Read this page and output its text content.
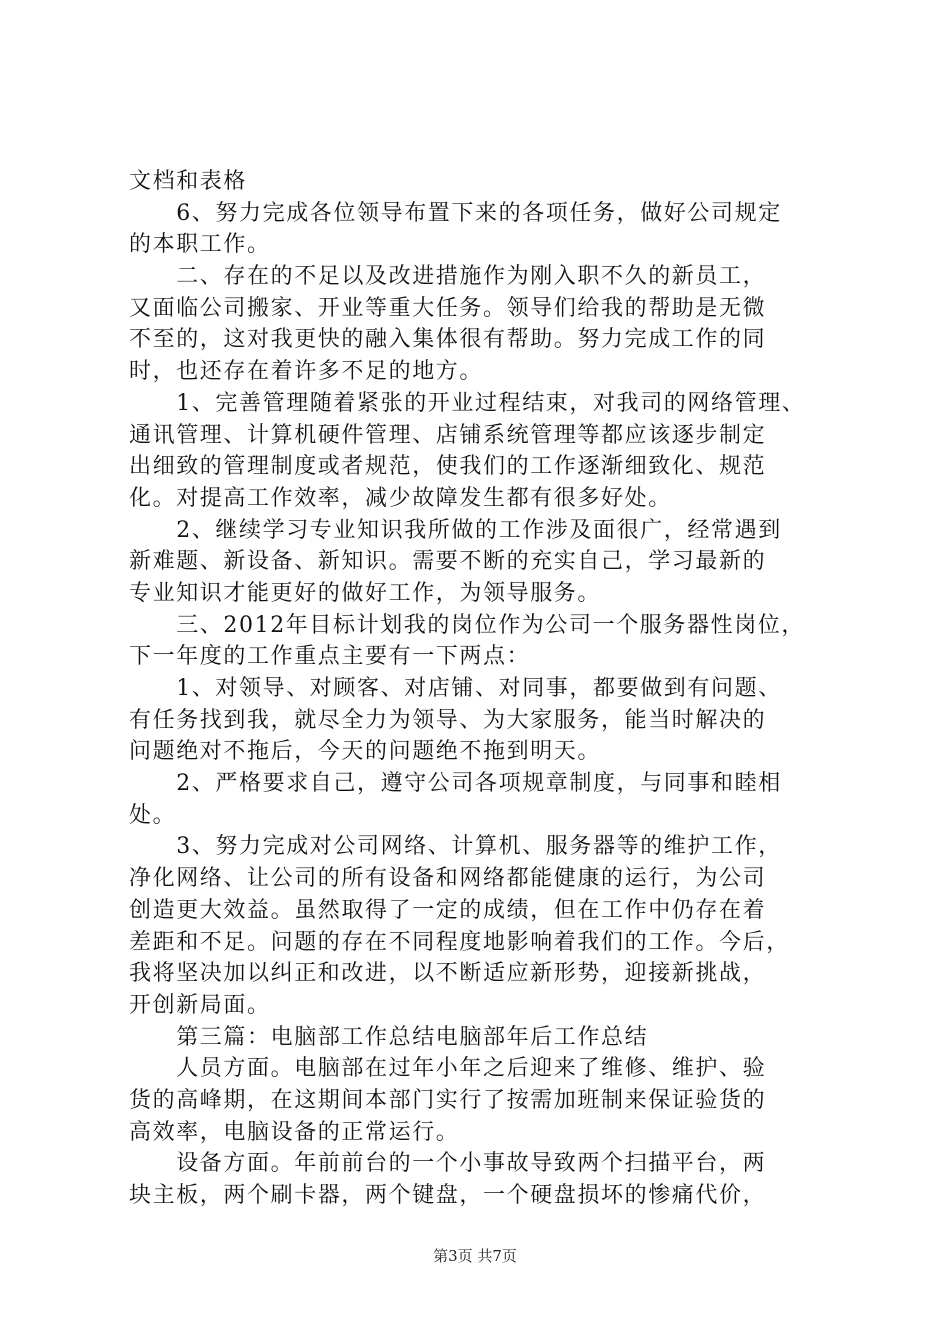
文档和表格
　　6、努力完成各位领导布置下来的各项任务，做好公司规定
的本职工作。
　　二、存在的不足以及改进措施作为刚入职不久的新员工，
又面临公司搬家、开业等重大任务。领导们给我的帮助是无微
不至的，这对我更快的融入集体很有帮助。努力完成工作的同
时，也还存在着许多不足的地方。
　　1、完善管理随着紧张的开业过程结束，对我司的网络管理、
通讯管理、计算机硬件管理、店铺系统管理等都应该逐步制定
出细致的管理制度或者规范，使我们的工作逐渐细致化、规范
化。对提高工作效率，减少故障发生都有很多好处。
　　2、继续学习专业知识我所做的工作涉及面很广，经常遇到
新难题、新设备、新知识。需要不断的充实自己，学习最新的
专业知识才能更好的做好工作，为领导服务。
　　三、2012年目标计划我的岗位作为公司一个服务器性岗位，
下一年度的工作重点主要有一下两点：
　　1、对领导、对顾客、对店铺、对同事，都要做到有问题、
有任务找到我，就尽全力为领导、为大家服务，能当时解决的
问题绝对不拖后，今天的问题绝不拖到明天。
　　2、严格要求自己，遵守公司各项规章制度，与同事和睦相
处。
　　3、努力完成对公司网络、计算机、服务器等的维护工作，
净化网络、让公司的所有设备和网络都能健康的运行，为公司
创造更大效益。虽然取得了一定的成绩，但在工作中仍存在着
差距和不足。问题的存在不同程度地影响着我们的工作。今后，
我将坚决加以纠正和改进，以不断适应新形势，迎接新挑战，
开创新局面。
　　第三篇：电脑部工作总结电脑部年后工作总结
　　人员方面。电脑部在过年小年之后迎来了维修、维护、验
货的高峰期，在这期间本部门实行了按需加班制来保证验货的
高效率，电脑设备的正常运行。
　　设备方面。年前前台的一个小事故导致两个扫描平台，两
块主板，两个刷卡器，两个键盘，一个硬盘损坏的惨痛代价，
第3页 共7页
